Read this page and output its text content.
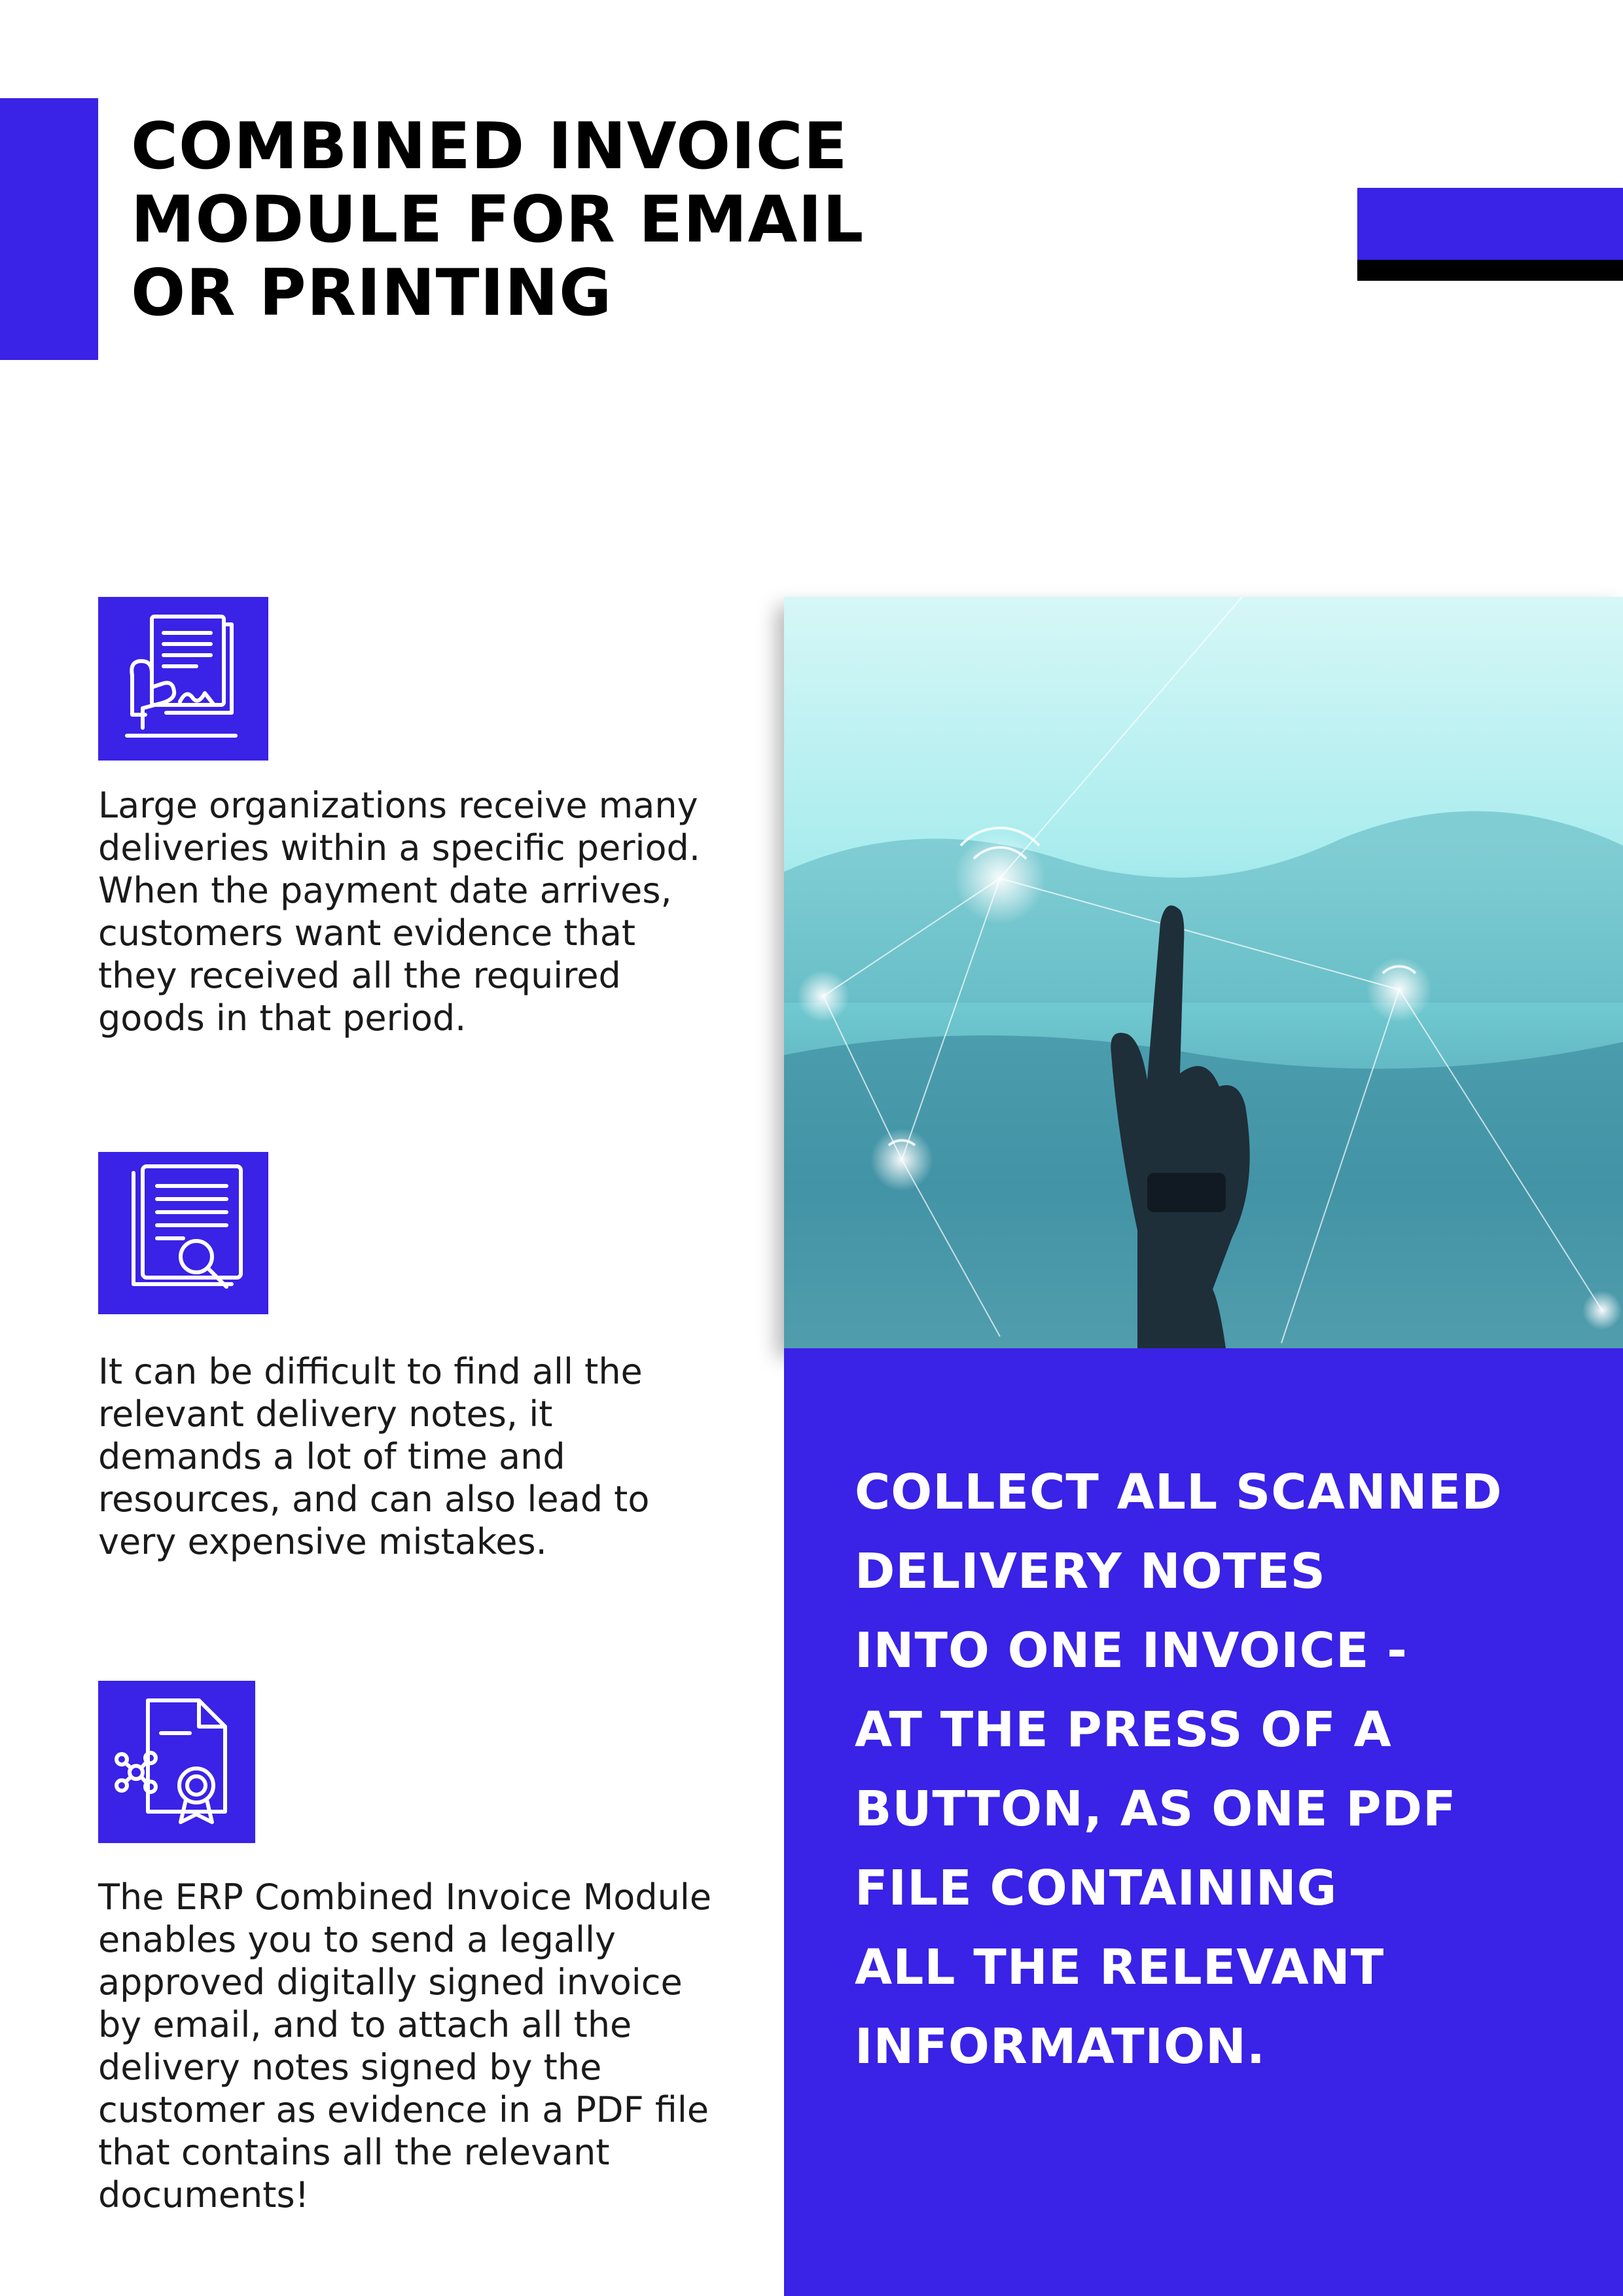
COMBINED INVOICE
MODULE FOR EMAIL
OR PRINTING

Large organizations receive many deliveries within a specific period. When the payment date arrives, customers want evidence that they received all the required goods in that period.

It can be difficult to find all the relevant delivery notes, it demands a lot of time and resources, and can also lead to very expensive mistakes.

The ERP Combined Invoice Module enables you to send a legally approved digitally signed invoice by email, and to attach all the delivery notes signed by the customer as evidence in a PDF file that contains all the relevant documents!

COLLECT ALL SCANNED
DELIVERY NOTES
INTO ONE INVOICE -
AT THE PRESS OF A
BUTTON, AS ONE PDF
FILE CONTAINING
ALL THE RELEVANT
INFORMATION.
